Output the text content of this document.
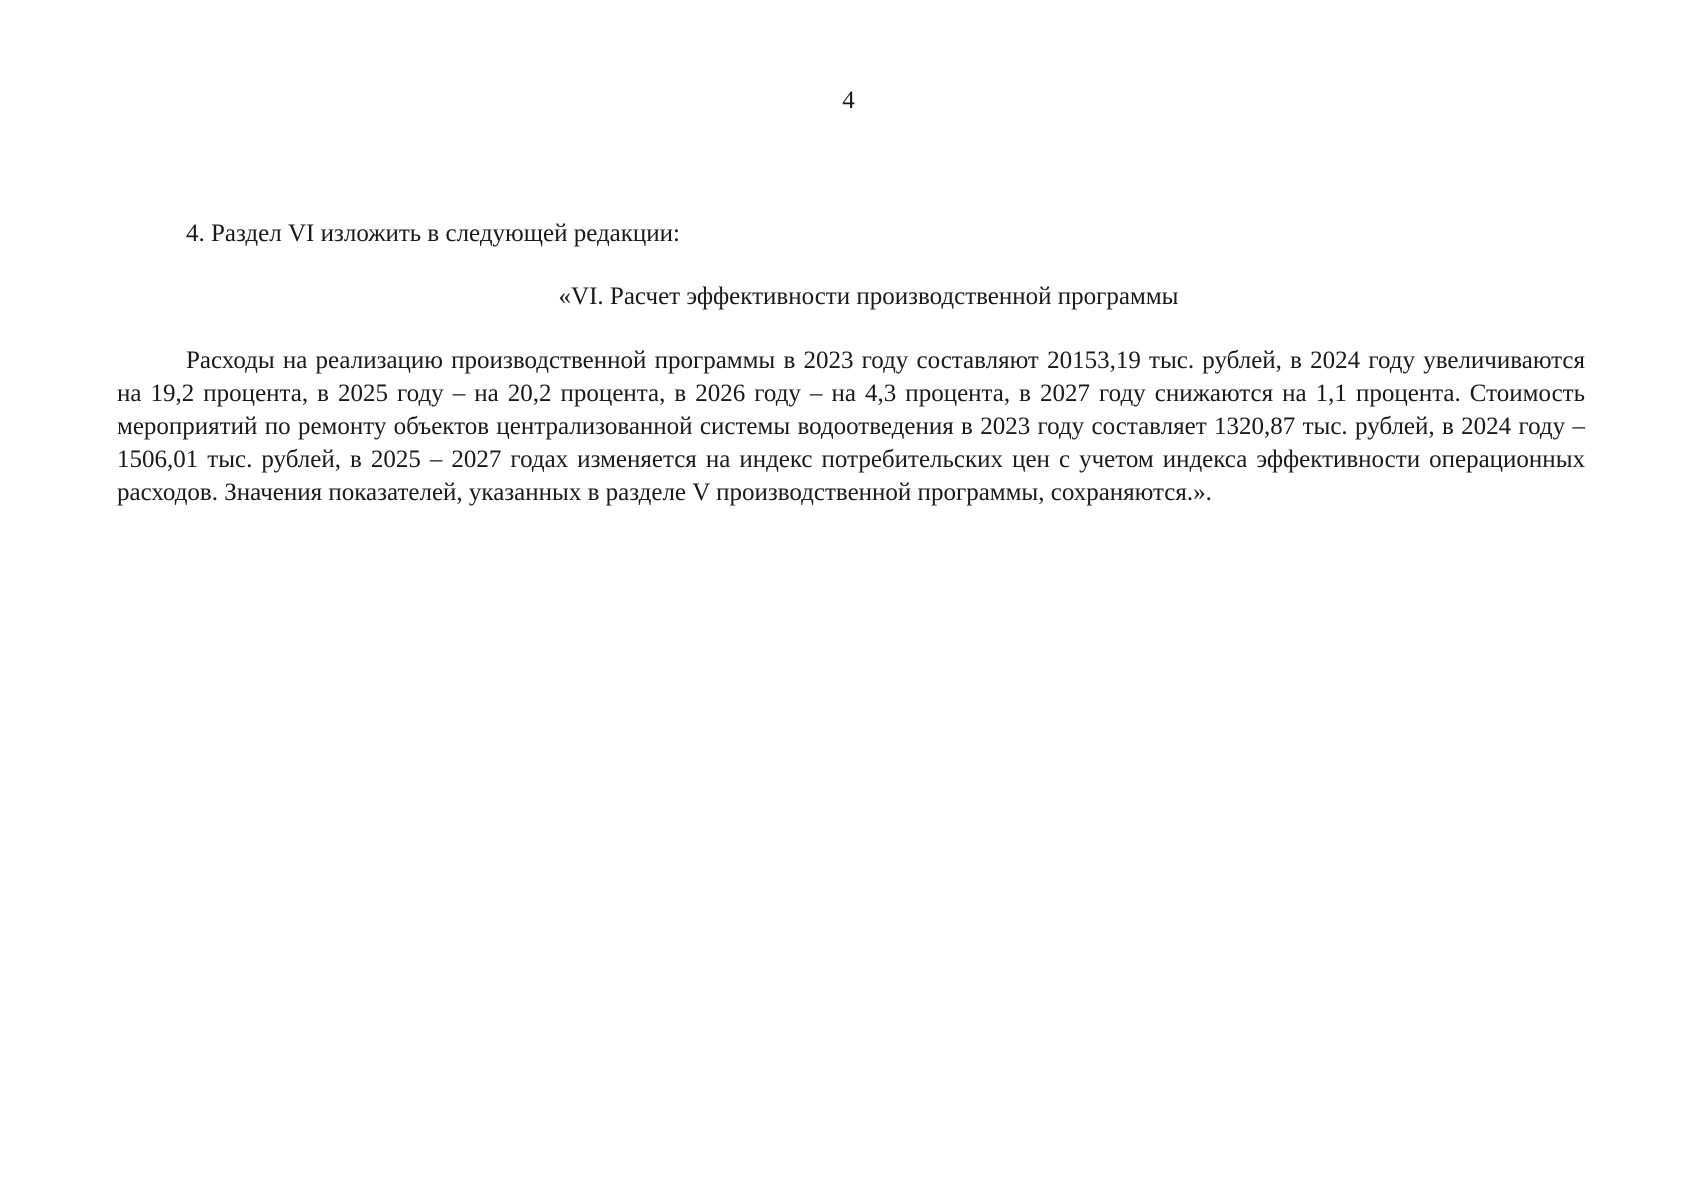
4
4. Раздел VI изложить в следующей редакции:
«VI. Расчет эффективности производственной программы

Расходы на реализацию производственной программы в 2023 году составляют 20153,19 тыс. рублей, в 2024 году увеличиваются на 19,2 процента, в 2025 году – на 20,2 процента, в 2026 году – на 4,3 процента, в 2027 году снижаются на 1,1 процента. Стоимость мероприятий по ремонту объектов централизованной системы водоотведения в 2023 году составляет 1320,87 тыс. рублей, в 2024 году – 1506,01 тыс. рублей, в 2025 – 2027 годах изменяется на индекс потребительских цен с учетом индекса эффективности операционных расходов. Значения показателей, указанных в разделе V производственной программы, сохраняются.».
